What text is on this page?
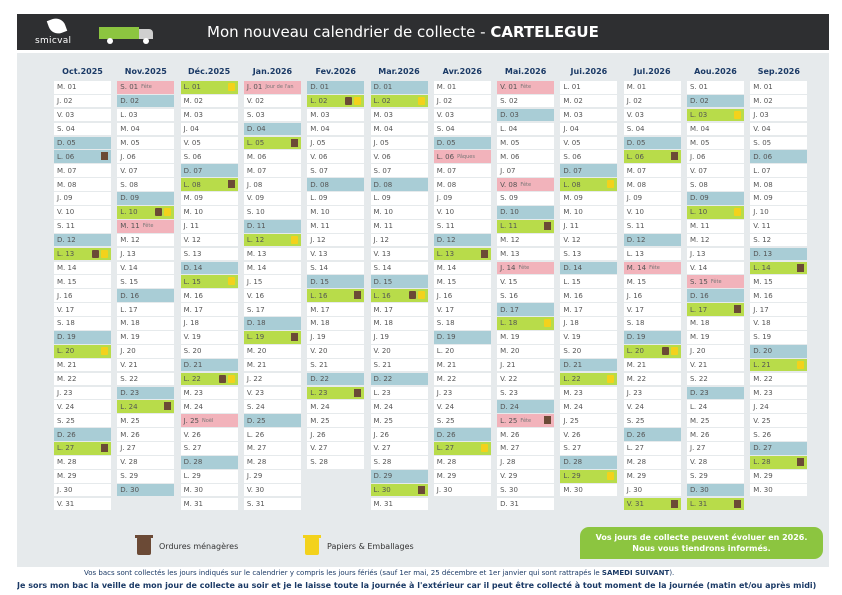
smicval	Mon nouveau calendrier de collecte - CARTELEGUE
Oct.2025
M. 01
J. 02
V. 03
S. 04
D. 05
L. 06
M. 07
M. 08
J. 09
V. 10
S. 11
D. 12
L. 13
M. 14
M. 15
J. 16
V. 17
S. 18
D. 19
L. 20
M. 21
M. 22
J. 23
V. 24
S. 25
D. 26
L. 27
M. 28
M. 29
J. 30
V. 31
Nov.2025
S. 01 Fête
D. 02
L. 03
M. 04
M. 05
J. 06
V. 07
S. 08
D. 09
L. 10
M. 11 Fête
M. 12
J. 13
V. 14
S. 15
D. 16
L. 17
M. 18
M. 19
J. 20
V. 21
S. 22
D. 23
L. 24
M. 25
M. 26
J. 27
V. 28
S. 29
D. 30
Déc.2025
L. 01
M. 02
M. 03
J. 04
V. 05
S. 06
D. 07
L. 08
M. 09
M. 10
J. 11
V. 12
S. 13
D. 14
L. 15
M. 16
M. 17
J. 18
V. 19
S. 20
D. 21
L. 22
M. 23
M. 24
J. 25 Noël
V. 26
S. 27
D. 28
L. 29
M. 30
M. 31
Jan.2026
J. 01 Jour de l'an
V. 02
S. 03
D. 04
L. 05
M. 06
M. 07
J. 08
V. 09
S. 10
D. 11
L. 12
M. 13
M. 14
J. 15
V. 16
S. 17
D. 18
L. 19
M. 20
M. 21
J. 22
V. 23
S. 24
D. 25
L. 26
M. 27
M. 28
J. 29
V. 30
S. 31
Fev.2026
D. 01
L. 02
M. 03
M. 04
J. 05
V. 06
S. 07
D. 08
L. 09
M. 10
M. 11
J. 12
V. 13
S. 14
D. 15
L. 16
M. 17
M. 18
J. 19
V. 20
S. 21
D. 22
L. 23
M. 24
M. 25
J. 26
V. 27
S. 28
Mar.2026
D. 01
L. 02
M. 03
M. 04
J. 05
V. 06
S. 07
D. 08
L. 09
M. 10
M. 11
J. 12
V. 13
S. 14
D. 15
L. 16
M. 17
M. 18
J. 19
V. 20
S. 21
D. 22
L. 23
M. 24
M. 25
J. 26
V. 27
S. 28
D. 29
L. 30
M. 31
Avr.2026
M. 01
J. 02
V. 03
S. 04
D. 05
L. 06 Pâques
M. 07
M. 08
J. 09
V. 10
S. 11
D. 12
L. 13
M. 14
M. 15
J. 16
V. 17
S. 18
D. 19
L. 20
M. 21
M. 22
J. 23
V. 24
S. 25
D. 26
L. 27
M. 28
M. 29
J. 30
Mai.2026
V. 01 Fête
S. 02
D. 03
L. 04
M. 05
M. 06
J. 07
V. 08 Fête
S. 09
D. 10
L. 11
M. 12
M. 13
J. 14 Fête
V. 15
S. 16
D. 17
L. 18
M. 19
M. 20
J. 21
V. 22
S. 23
D. 24
L. 25 Fête
M. 26
M. 27
J. 28
V. 29
S. 30
D. 31
Jui.2026
L. 01
M. 02
M. 03
J. 04
V. 05
S. 06
D. 07
L. 08
M. 09
M. 10
J. 11
V. 12
S. 13
D. 14
L. 15
M. 16
M. 17
J. 18
V. 19
S. 20
D. 21
L. 22
M. 23
M. 24
J. 25
V. 26
S. 27
D. 28
L. 29
M. 30
Jul.2026
M. 01
J. 02
V. 03
S. 04
D. 05
L. 06
M. 07
M. 08
J. 09
V. 10
S. 11
D. 12
L. 13
M. 14 Fête
M. 15
J. 16
V. 17
S. 18
D. 19
L. 20
M. 21
M. 22
J. 23
V. 24
S. 25
D. 26
L. 27
M. 28
M. 29
J. 30
V. 31
Aou.2026
S. 01
D. 02
L. 03
M. 04
M. 05
J. 06
V. 07
S. 08
D. 09
L. 10
M. 11
M. 12
J. 13
V. 14
S. 15 Fête
D. 16
L. 17
M. 18
M. 19
J. 20
V. 21
S. 22
D. 23
L. 24
M. 25
M. 26
J. 27
V. 28
S. 29
D. 30
L. 31
Sep.2026
M. 01
M. 02
J. 03
V. 04
S. 05
D. 06
L. 07
M. 08
M. 09
J. 10
V. 11
S. 12
D. 13
L. 14
M. 15
M. 16
J. 17
V. 18
S. 19
D. 20
L. 21
M. 22
M. 23
J. 24
V. 25
S. 26
D. 27
L. 28
M. 29
M. 30
Ordures ménagères	Papiers & Emballages
Vos jours de collecte peuvent évoluer en 2026.
Nous vous tiendrons informés.
Vos bacs sont collectés les jours indiqués sur le calendrier y compris les jours fériés (sauf 1er mai, 25 décembre et 1er janvier qui sont rattrapés le SAMEDI SUIVANT).
Je sors mon bac la veille de mon jour de collecte au soir et je le laisse toute la journée à l'extérieur car il peut être collecté à tout moment de la journée (matin et/ou après midi)
